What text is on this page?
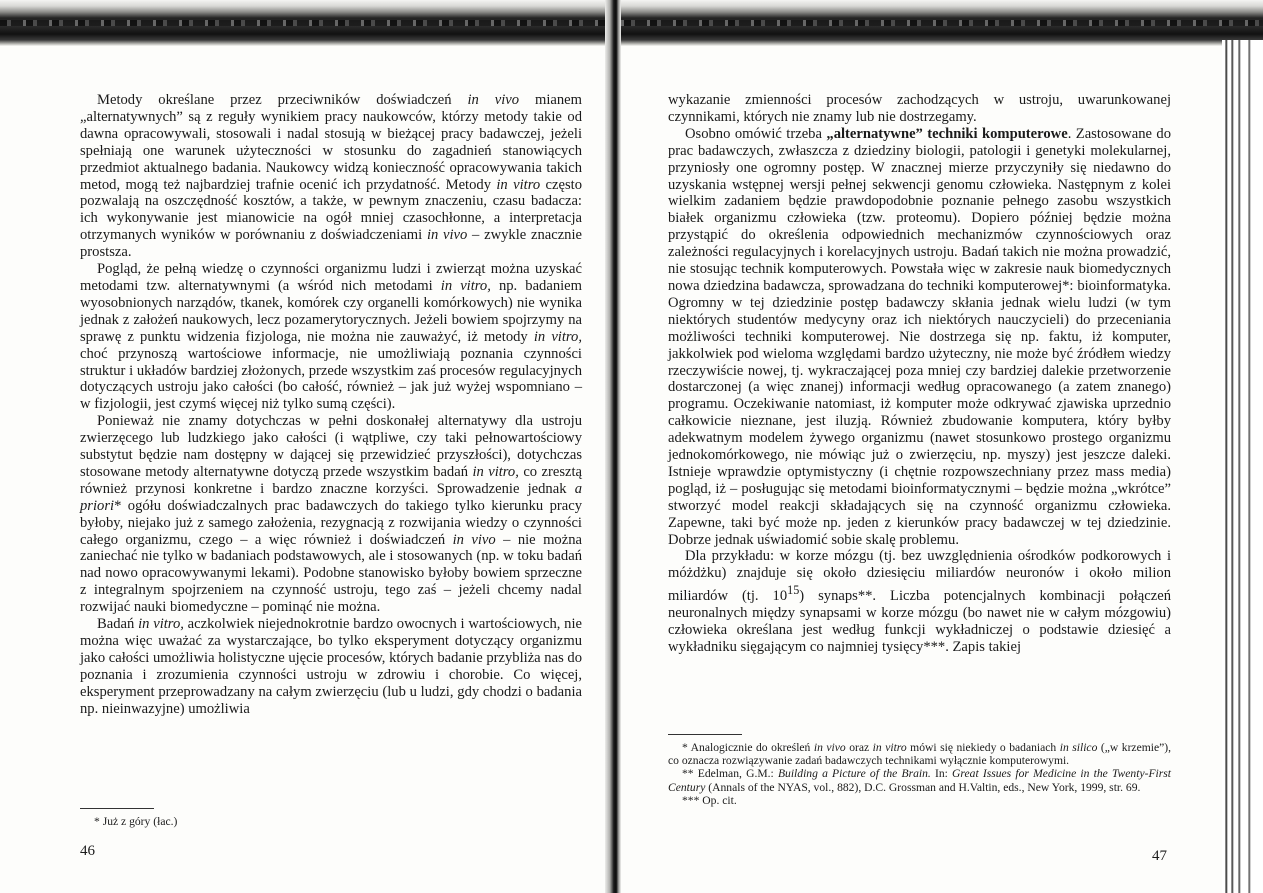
Metody określane przez przeciwników doświadczeń in vivo mianem „alternatywnych” są z reguły wynikiem pracy naukowców, którzy metody takie od dawna opracowywali, stosowali i nadal stosują w bieżącej pracy badawczej, jeżeli spełniają one warunek użyteczności w stosunku do zagadnień stanowiących przedmiot aktualnego badania. Naukowcy widzą konieczność opracowywania takich metod, mogą też najbardziej trafnie ocenić ich przydatność. Metody in vitro często pozwalają na oszczędność kosztów, a także, w pewnym znaczeniu, czasu badacza: ich wykonywanie jest mianowicie na ogół mniej czasochłonne, a interpretacja otrzymanych wyników w porównaniu z doświadczeniami in vivo – zwykle znacznie prostsza.

Pogląd, że pełną wiedzę o czynności organizmu ludzi i zwierząt można uzyskać metodami tzw. alternatywnymi (a wśród nich metodami in vitro, np. badaniem wyosobnionych narządów, tkanek, komórek czy organelli komórkowych) nie wynika jednak z założeń naukowych, lecz pozamerytorycznych. Jeżeli bowiem spojrzymy na sprawę z punktu widzenia fizjologa, nie można nie zauważyć, iż metody in vitro, choć przynoszą wartościowe informacje, nie umożliwiają poznania czynności struktur i układów bardziej złożonych, przede wszystkim zaś procesów regulacyjnych dotyczących ustroju jako całości (bo całość, również – jak już wyżej wspomniano – w fizjologii, jest czymś więcej niż tylko sumą części).

Ponieważ nie znamy dotychczas w pełni doskonałej alternatywy dla ustroju zwierzęcego lub ludzkiego jako całości (i wątpliwe, czy taki pełnowartościowy substytut będzie nam dostępny w dającej się przewidzieć przyszłości), dotychczas stosowane metody alternatywne dotyczą przede wszystkim badań in vitro, co zresztą również przynosi konkretne i bardzo znaczne korzyści. Sprowadzenie jednak a priori* ogółu doświadczalnych prac badawczych do takiego tylko kierunku pracy byłoby, niejako już z samego założenia, rezygnacją z rozwijania wiedzy o czynności całego organizmu, czego – a więc również i doświadczeń in vivo – nie można zaniechać nie tylko w badaniach podstawowych, ale i stosowanych (np. w toku badań nad nowo opracowywanymi lekami). Podobne stanowisko byłoby bowiem sprzeczne z integralnym spojrzeniem na czynność ustroju, tego zaś – jeżeli chcemy nadal rozwijać nauki biomedyczne – pominąć nie można.

Badań in vitro, aczkolwiek niejednokrotnie bardzo owocnych i wartościowych, nie można więc uważać za wystarczające, bo tylko eksperyment dotyczący organizmu jako całości umożliwia holistyczne ujęcie procesów, których badanie przybliża nas do poznania i zrozumienia czynności ustroju w zdrowiu i chorobie. Co więcej, eksperyment przeprowadzany na całym zwierzęciu (lub u ludzi, gdy chodzi o badania np. nieinwazyjne) umożliwia

* Już z góry (łac.)

46

wykazanie zmienności procesów zachodzących w ustroju, uwarunkowanej czynnikami, których nie znamy lub nie dostrzegamy.

Osobno omówić trzeba „alternatywne” techniki komputerowe. Zastosowane do prac badawczych, zwłaszcza z dziedziny biologii, patologii i genetyki molekularnej, przyniosły one ogromny postęp. W znacznej mierze przyczyniły się niedawno do uzyskania wstępnej wersji pełnej sekwencji genomu człowieka. Następnym z kolei wielkim zadaniem będzie prawdopodobnie poznanie pełnego zasobu wszystkich białek organizmu człowieka (tzw. proteomu). Dopiero później będzie można przystąpić do określenia odpowiednich mechanizmów czynnościowych oraz zależności regulacyjnych i korelacyjnych ustroju. Badań takich nie można prowadzić, nie stosując technik komputerowych. Powstała więc w zakresie nauk biomedycznych nowa dziedzina badawcza, sprowadzana do techniki komputerowej*: bioinformatyka. Ogromny w tej dziedzinie postęp badawczy skłania jednak wielu ludzi (w tym niektórych studentów medycyny oraz ich niektórych nauczycieli) do przeceniania możliwości techniki komputerowej. Nie dostrzega się np. faktu, iż komputer, jakkolwiek pod wieloma względami bardzo użyteczny, nie może być źródłem wiedzy rzeczywiście nowej, tj. wykraczającej poza mniej czy bardziej dalekie przetworzenie dostarczonej (a więc znanej) informacji według opracowanego (a zatem znanego) programu. Oczekiwanie natomiast, iż komputer może odkrywać zjawiska uprzednio całkowicie nieznane, jest iluzją. Również zbudowanie komputera, który byłby adekwatnym modelem żywego organizmu (nawet stosunkowo prostego organizmu jednokomórkowego, nie mówiąc już o zwierzęciu, np. myszy) jest jeszcze daleki. Istnieje wprawdzie optymistyczny (i chętnie rozpowszechniany przez mass media) pogląd, iż – posługując się metodami bioinformatycznymi – będzie można „wkrótce” stworzyć model reakcji składających się na czynność organizmu człowieka. Zapewne, taki być może np. jeden z kierunków pracy badawczej w tej dziedzinie. Dobrze jednak uświadomić sobie skalę problemu.

Dla przykładu: w korze mózgu (tj. bez uwzględnienia ośrodków podkorowych i móżdżku) znajduje się około dziesięciu miliardów neuronów i około milion miliardów (tj. $10^{15}$) synaps**. Liczba potencjalnych kombinacji połączeń neuronalnych między synapsami w korze mózgu (bo nawet nie w całym mózgowiu) człowieka określana jest według funkcji wykładniczej o podstawie dziesięć a wykładniku sięgającym co najmniej tysięcy***. Zapis takiej

* Analogicznie do określeń in vivo oraz in vitro mówi się niekiedy o badaniach in silico („w krzemie”), co oznacza rozwiązywanie zadań badawczych technikami wyłącznie komputerowymi.

** Edelman, G.M.: Building a Picture of the Brain. In: Great Issues for Medicine in the Twenty-First Century (Annals of the NYAS, vol., 882), D.C. Grossman and H.Valtin, eds., New York, 1999, str. 69.

*** Op. cit.

47
